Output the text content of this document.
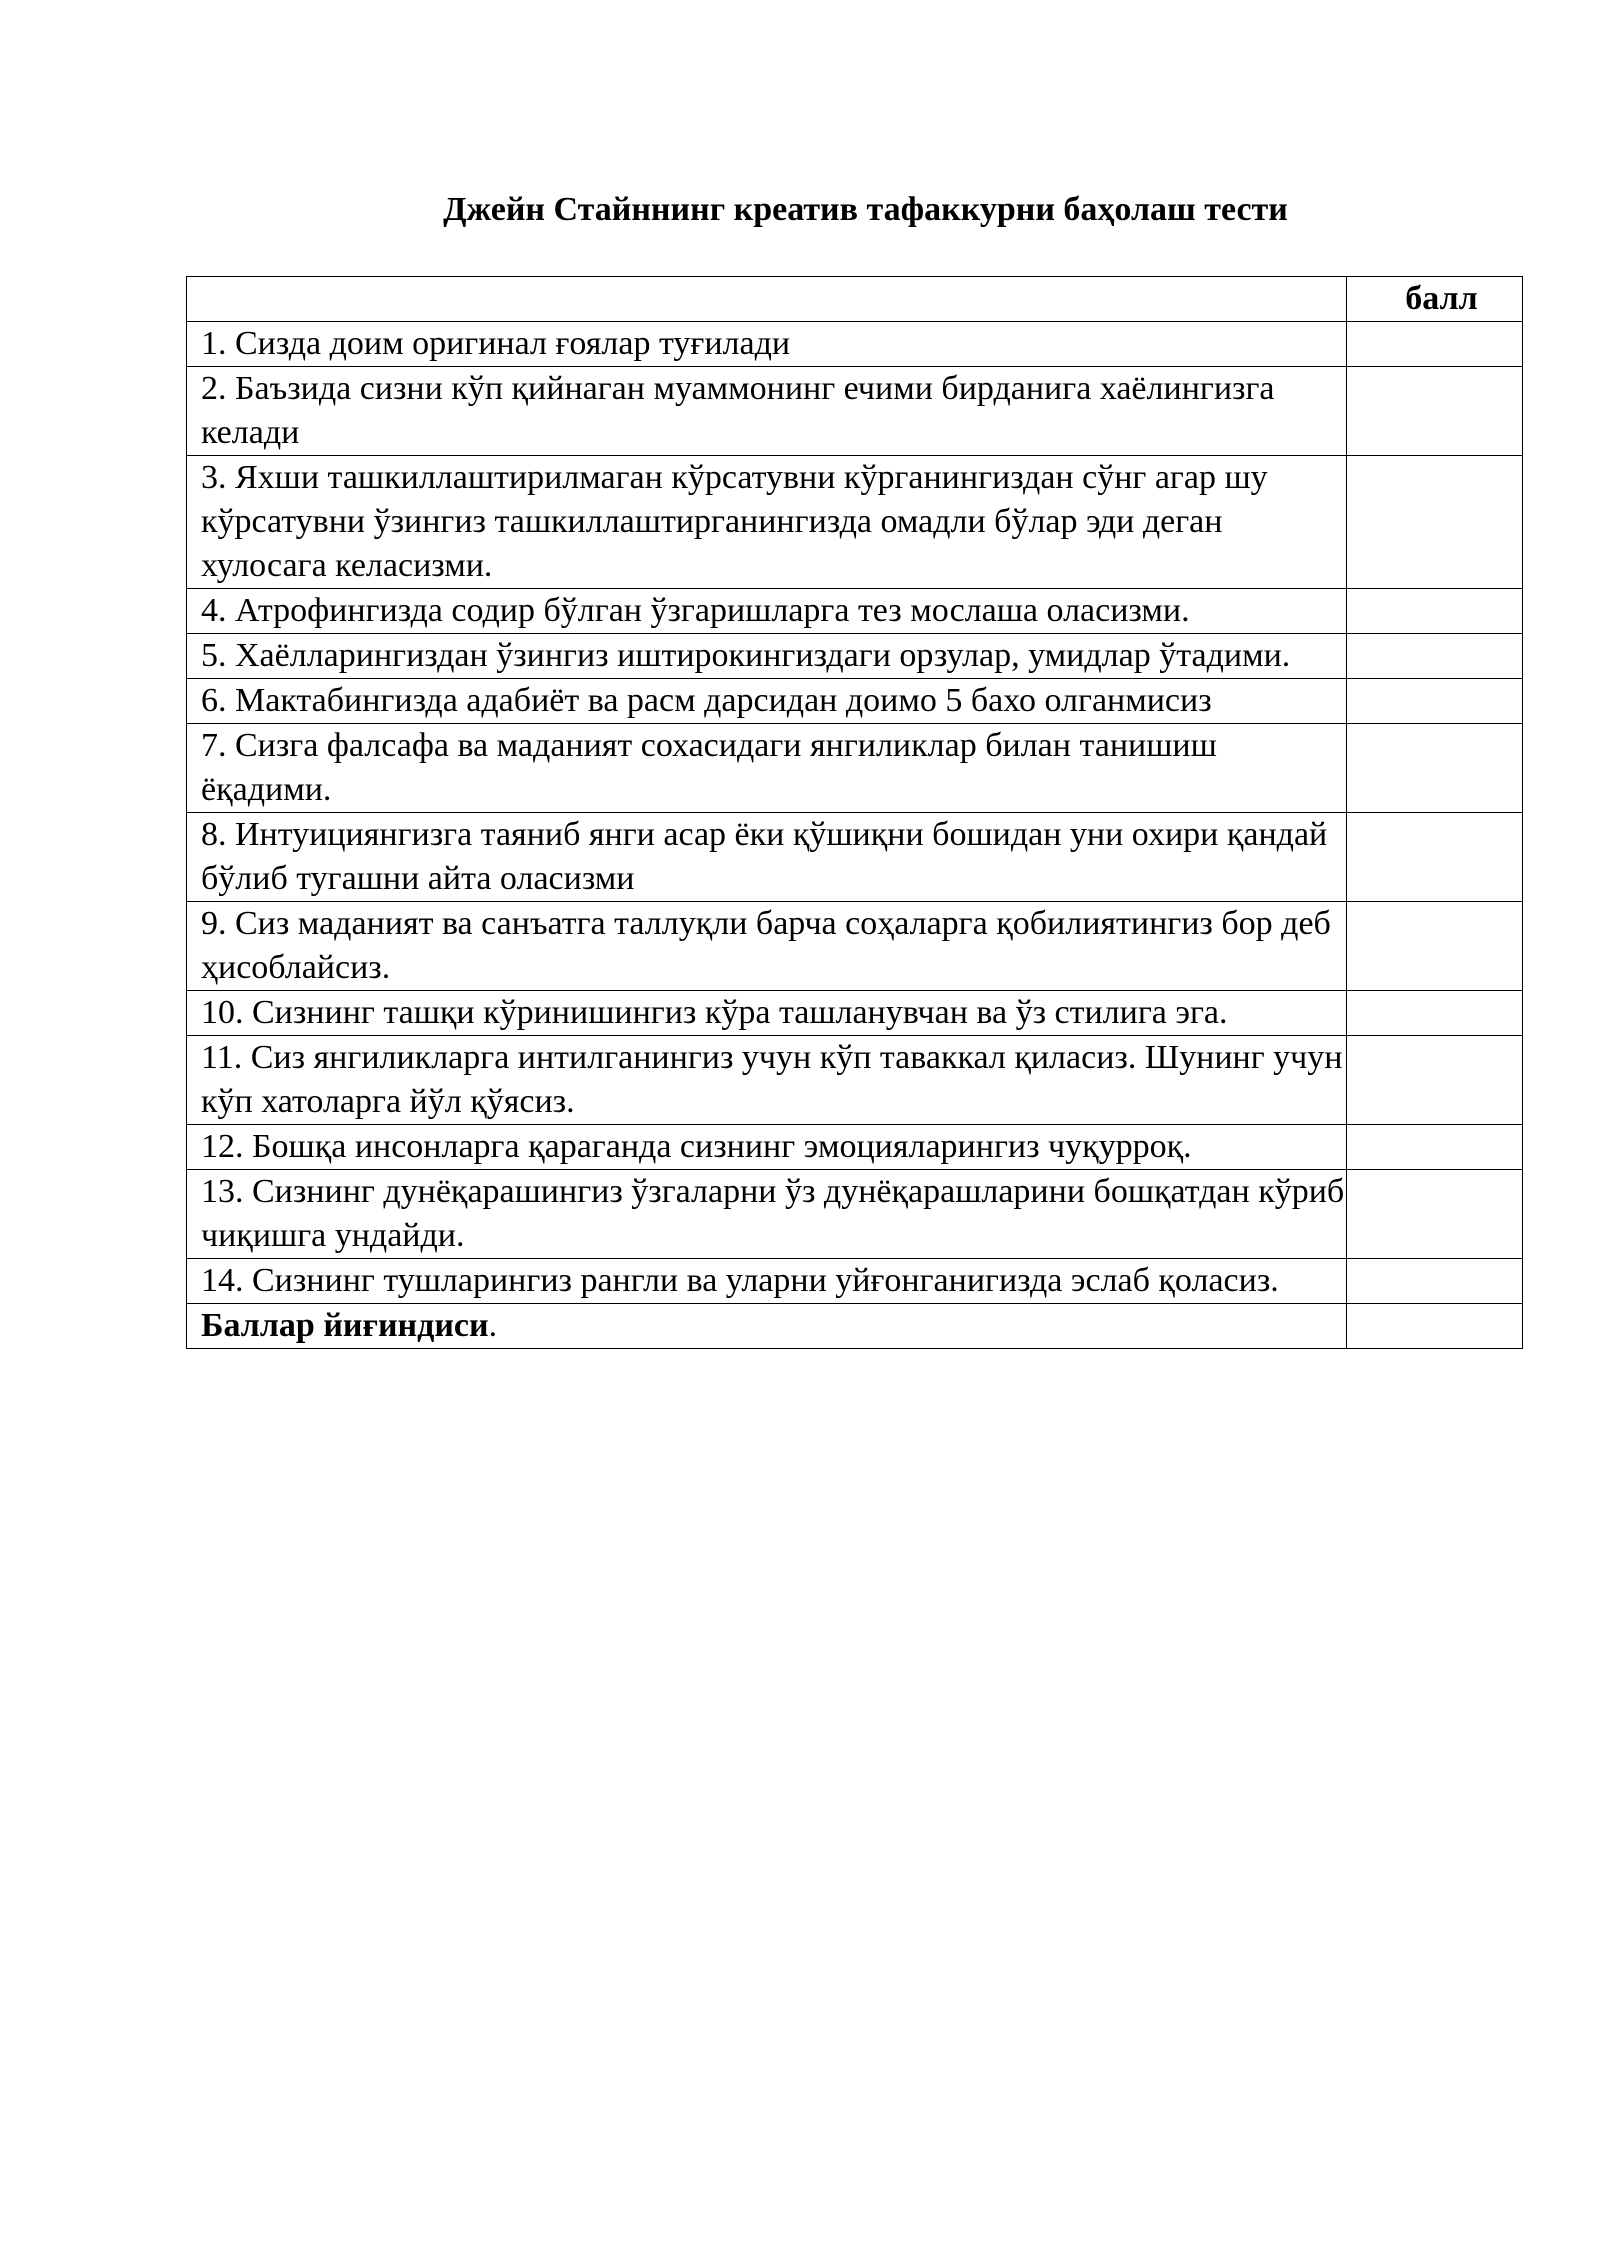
Джейн Стайннинг креатив тафаккурни баҳолаш тести
	балл
1. Сизда доим оригинал ғоялар туғилади	
2. Баъзида сизни кўп қийнаган муаммонинг ечими бирданига хаёлингизга келади	
3. Яхши ташкиллаштирилмаган кўрсатувни кўрганингиздан сўнг агар шу кўрсатувни ўзингиз ташкиллаштирганингизда омадли бўлар эди деган хулосага келасизми.	
4. Атрофингизда содир бўлган ўзгаришларга тез мослаша оласизми.	
5. Хаёлларингиздан ўзингиз иштирокингиздаги орзулар, умидлар ўтадими.	
6. Мактабингизда адабиёт ва расм дарсидан доимо 5 бахо олганмисиз	
7. Сизга фалсафа ва маданият сохасидаги янгиликлар билан танишиш ёқадими.	
8. Интуициянгизга таяниб янги асар ёки қўшиқни бошидан уни охири қандай бўлиб тугашни айта оласизми	
9. Сиз маданият ва санъатга таллуқли барча соҳаларга қобилиятингиз бор деб ҳисоблайсиз.	
10. Сизнинг ташқи кўринишингиз кўра ташланувчан ва ўз стилига эга.	
11. Сиз янгиликларга интилганингиз учун кўп таваккал қиласиз. Шунинг учун кўп хатоларга йўл қўясиз.	
12. Бошқа инсонларга қараганда сизнинг эмоцияларингиз чуқурроқ.	
13. Сизнинг дунёқарашингиз ўзгаларни ўз дунёқарашларини бошқатдан кўриб чиқишга ундайди.	
14. Сизнинг тушларингиз рангли ва уларни уйғонганигизда эслаб қоласиз.	
Баллар йиғиндиси.	
